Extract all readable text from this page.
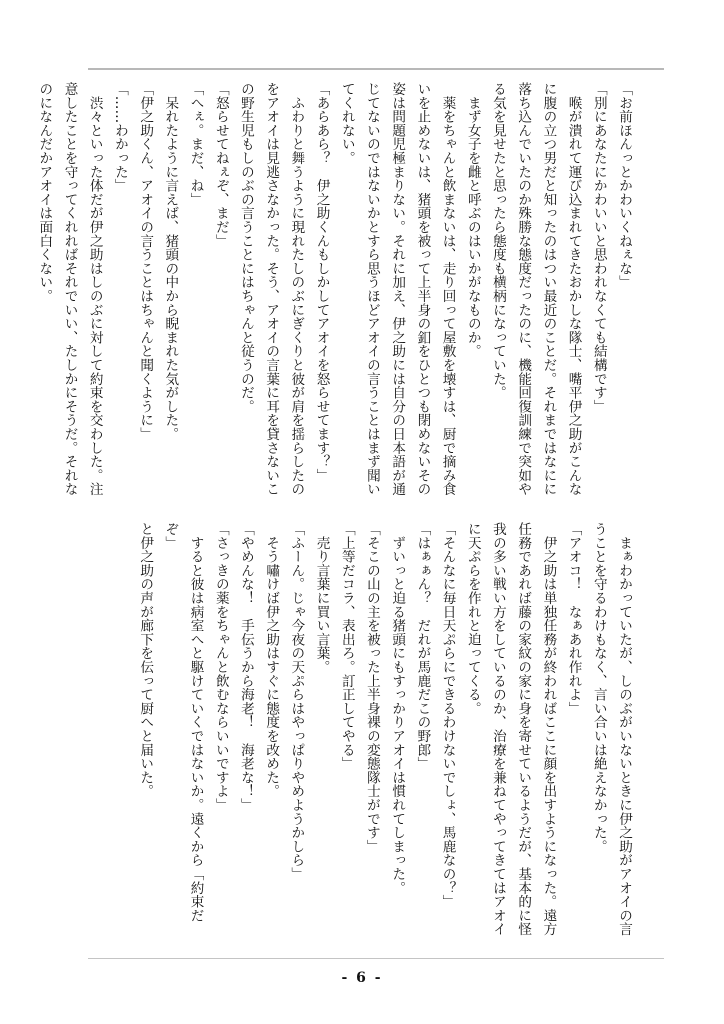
「お前ほんっとかわいくねぇな」

「別にあなたにかわいいと思われなくても結構です」

　喉が潰れて運び込まれてきたおかしな隊士、嘴平伊之助がこんな

に腹の立つ男だと知ったのはつい最近のことだ。それまではなにに

落ち込んでいたのか殊勝な態度だったのに、機能回復訓練で突如や

る気を見せたと思ったら態度も横柄になっていた。

　まず女子を雌と呼ぶのはいかがなものか。

　薬をちゃんと飲まないは、走り回って屋敷を壊すは、厨で摘み食

いを止めないは、猪頭を被って上半身の釦をひとつも閉めないその

姿は問題児極まりない。それに加え、伊之助には自分の日本語が通

じてないのではないかとすら思うほどアオイの言うことはまず聞い

てくれない。

「あらあら？　伊之助くんもしかしてアオイを怒らせてます？」

　ふわりと舞うように現れたしのぶにぎくりと彼が肩を揺らしたの

をアオイは見逃さなかった。そう、アオイの言葉に耳を貸さないこ

の野生児もしのぶの言うことにはちゃんと従うのだ。

「怒らせてねぇぞ、まだ」

「へぇ。まだ、ね」

　呆れたように言えば、猪頭の中から睨まれた気がした。

「伊之助くん、アオイの言うことはちゃんと聞くように」

「……わかった」

　渋々といった体だが伊之助はしのぶに対して約束を交わした。注

意したことを守ってくれればそれでいい、たしかにそうだ。それな

のになんだかアオイは面白くない。

　まぁわかっていたが、しのぶがいないときに伊之助がアオイの言

うことを守るわけもなく、言い合いは絶えなかった。

「アオコ！　なぁあれ作れよ」

　伊之助は単独任務が終わればここに顔を出すようになった。遠方

任務であれば藤の家紋の家に身を寄せているようだが、基本的に怪

我の多い戦い方をしているのか、治療を兼ねてやってきてはアオイ

に天ぷらを作れと迫ってくる。

「そんなに毎日天ぷらにできるわけないでしょ、馬鹿なの？」

「はぁぁん？　だれが馬鹿だこの野郎」

　ずいっと迫る猪頭にもすっかりアオイは慣れてしまった。

「そこの山の主を被った上半身裸の変態隊士がです」

「上等だコラ、表出ろ。訂正してやる」

　売り言葉に買い言葉。

「ふーん。じゃ今夜の天ぷらはやっぱりやめようかしら」

　そう嘯けば伊之助はすぐに態度を改めた。

「やめんな！　手伝うから海老！　海老な！」

「さっきの薬をちゃんと飲むならいいですよ」

　すると彼は病室へと駆けていくではないか。遠くから「約束だぞ」

と伊之助の声が廊下を伝って厨へと届いた。

- 6 -
